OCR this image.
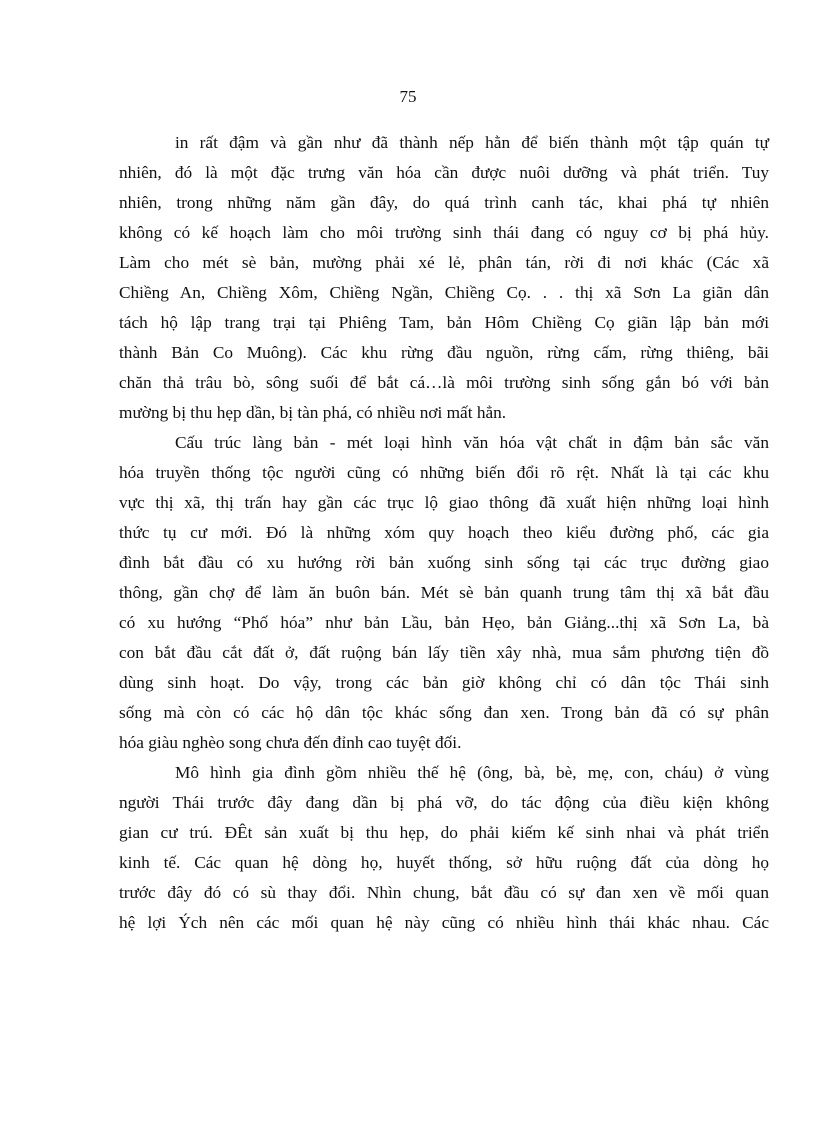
75
in rất đậm và gần như đã thành nếp hằn để biến thành một tập quán tự
nhiên, đó là một đặc trưng văn hóa cần được nuôi dưỡng và phát triển. Tuy
nhiên, trong những năm gần đây, do quá trình canh tác, khai phá tự nhiên
không có kế hoạch làm cho môi trường sinh thái đang có nguy cơ bị phá hủy.
Làm cho mét sè bản, mường phải xé lẻ, phân tán, rời đi nơi khác (Các xã
Chiềng An, Chiềng Xôm, Chiềng Ngần, Chiềng Cọ. . . thị xã Sơn La giãn dân
tách hộ lập trang trại tại Phiêng Tam, bản Hôm Chiềng Cọ giãn lập bản mới
thành Bản Co Muông). Các khu rừng đầu nguồn, rừng cấm, rừng thiêng, bãi
chăn thả trâu bò, sông suối để bắt cá…là môi trường sinh sống gắn bó với bản
mường bị thu hẹp dần, bị tàn phá, có nhiều nơi mất hẳn.
Cấu trúc làng bản - mét loại hình văn hóa vật chất in đậm bản sắc văn
hóa truyền thống tộc người cũng có những biến đổi rõ rệt. Nhất là tại các khu
vực thị xã, thị trấn hay gần các trục lộ giao thông đã xuất hiện những loại hình
thức tụ cư mới. Đó là những xóm quy hoạch theo kiểu đường phố, các gia
đình bắt đầu có xu hướng rời bản xuống sinh sống tại các trục đường giao
thông, gần chợ để làm ăn buôn bán. Mét sè bản quanh trung tâm thị xã bắt đầu
có xu hướng “Phố hóa” như bản Lầu, bản Hẹo, bản Giảng...thị xã Sơn La, bà
con bắt đầu cắt đất ở, đất ruộng bán lấy tiền xây nhà, mua sắm phương tiện đồ
dùng sinh hoạt. Do vậy, trong các bản giờ không chỉ có dân tộc Thái sinh
sống mà còn có các hộ dân tộc khác sống đan xen. Trong bản đã có sự phân
hóa giàu nghèo song chưa đến đỉnh cao tuyệt đối.
Mô hình gia đình gồm nhiều thế hệ (ông, bà, bè, mẹ, con, cháu) ở vùng
người Thái trước đây đang dần bị phá vỡ, do tác động của điều kiện không
gian cư trú. ĐÊt sản xuất bị thu hẹp, do phải kiếm kế sinh nhai và phát triển
kinh tế. Các quan hệ dòng họ, huyết thống, sở hữu ruộng đất của dòng họ
trước đây đó có sù thay đổi. Nhìn chung, bắt đầu có sự đan xen về mối quan
hệ lợi Ých nên các mối quan hệ này cũng có nhiều hình thái khác nhau. Các
